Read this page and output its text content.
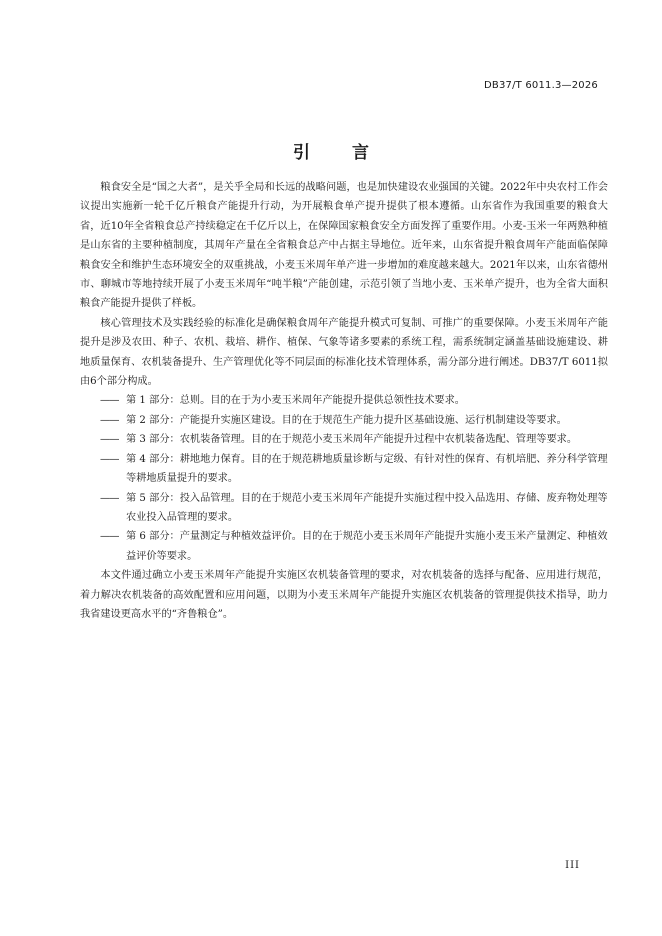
DB37/T 6011.3—2026
引 言

粮食安全是“国之大者”，是关乎全局和长远的战略问题，也是加快建设农业强国的关键。2022年中央农村工作会议提出实施新一轮千亿斤粮食产能提升行动，为开展粮食单产提升提供了根本遵循。山东省作为我国重要的粮食大省，近10年全省粮食总产持续稳定在千亿斤以上，在保障国家粮食安全方面发挥了重要作用。小麦-玉米一年两熟种植是山东省的主要种植制度，其周年产量在全省粮食总产中占据主导地位。近年来，山东省提升粮食周年产能面临保障粮食安全和维护生态环境安全的双重挑战，小麦玉米周年单产进一步增加的难度越来越大。2021年以来，山东省德州市、聊城市等地持续开展了小麦玉米周年“吨半粮”产能创建，示范引领了当地小麦、玉米单产提升，也为全省大面积粮食产能提升提供了样板。

核心管理技术及实践经验的标准化是确保粮食周年产能提升模式可复制、可推广的重要保障。小麦玉米周年产能提升是涉及农田、种子、农机、栽培、耕作、植保、气象等诸多要素的系统工程，需系统制定涵盖基础设施建设、耕地质量保育、农机装备提升、生产管理优化等不同层面的标准化技术管理体系，需分部分进行阐述。DB37/T 6011拟由6个部分构成。

—— 第 1 部分：总则。目的在于为小麦玉米周年产能提升提供总领性技术要求。
—— 第 2 部分：产能提升实施区建设。目的在于规范生产能力提升区基础设施、运行机制建设等要求。
—— 第 3 部分：农机装备管理。目的在于规范小麦玉米周年产能提升过程中农机装备选配、管理等要求。
—— 第 4 部分：耕地地力保育。目的在于规范耕地质量诊断与定级、有针对性的保育、有机培肥、养分科学管理等耕地质量提升的要求。
—— 第 5 部分：投入品管理。目的在于规范小麦玉米周年产能提升实施过程中投入品选用、存储、废弃物处理等农业投入品管理的要求。
—— 第 6 部分：产量测定与种植效益评价。目的在于规范小麦玉米周年产能提升实施小麦玉米产量测定、种植效益评价等要求。

本文件通过确立小麦玉米周年产能提升实施区农机装备管理的要求，对农机装备的选择与配备、应用进行规范，着力解决农机装备的高效配置和应用问题，以期为小麦玉米周年产能提升实施区农机装备的管理提供技术指导，助力我省建设更高水平的“齐鲁粮仓”。

III
